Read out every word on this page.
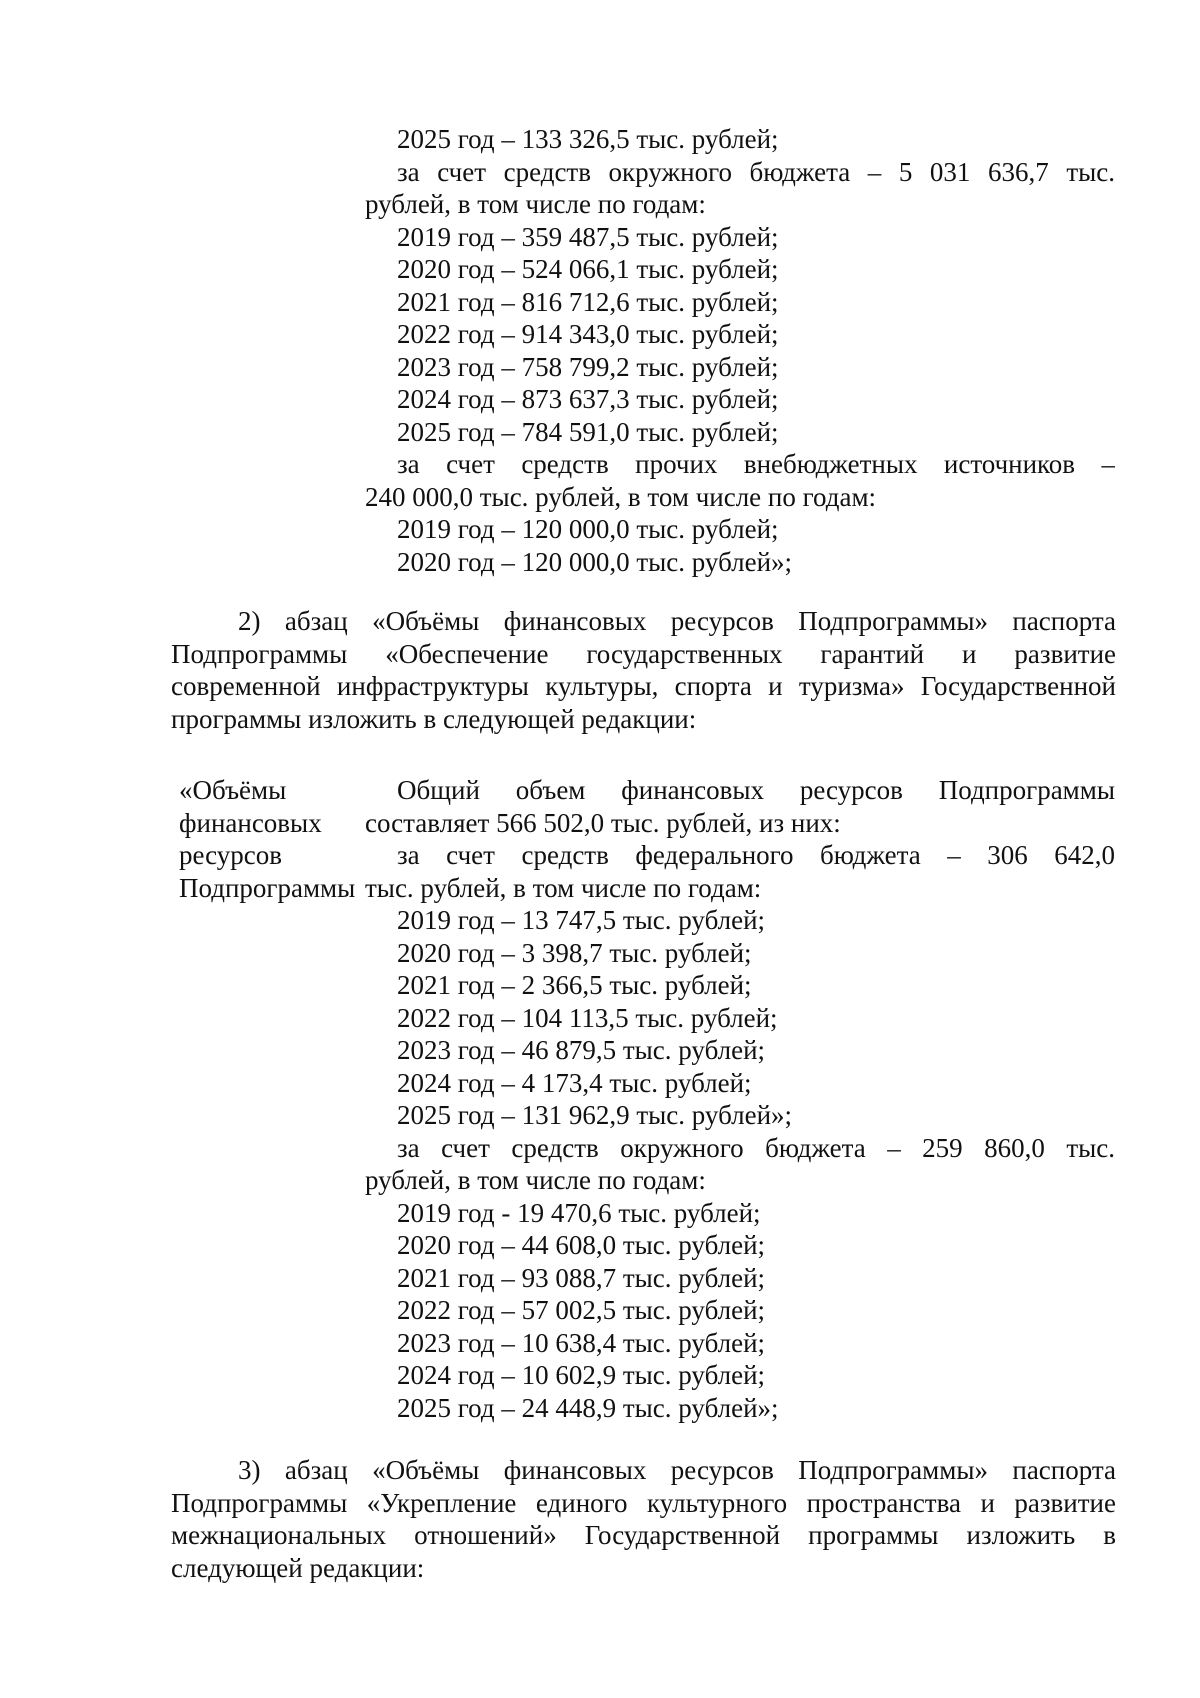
2025 год – 133 326,5 тыс. рублей;
за счет средств окружного бюджета – 5 031 636,7 тыс.
рублей, в том числе по годам:
2019 год – 359 487,5 тыс. рублей;
2020 год – 524 066,1 тыс. рублей;
2021 год – 816 712,6 тыс. рублей;
2022 год – 914 343,0 тыс. рублей;
2023 год – 758 799,2 тыс. рублей;
2024 год – 873 637,3 тыс. рублей;
2025 год – 784 591,0 тыс. рублей;
за счет средств прочих внебюджетных источников –
240 000,0 тыс. рублей, в том числе по годам:
2019 год – 120 000,0 тыс. рублей;
2020 год – 120 000,0 тыс. рублей»;
2) абзац «Объёмы финансовых ресурсов Подпрограммы» паспорта
Подпрограммы «Обеспечение государственных гарантий и развитие
современной инфраструктуры культуры, спорта и туризма» Государственной
программы изложить в следующей редакции:
«Объёмы
финансовых
ресурсов
Подпрограммы
Общий объем финансовых ресурсов Подпрограммы
составляет 566 502,0 тыс. рублей, из них:
за счет средств федерального бюджета – 306 642,0
тыс. рублей, в том числе по годам:
2019 год – 13 747,5 тыс. рублей;
2020 год – 3 398,7 тыс. рублей;
2021 год – 2 366,5 тыс. рублей;
2022 год – 104 113,5 тыс. рублей;
2023 год – 46 879,5 тыс. рублей;
2024 год – 4 173,4 тыс. рублей;
2025 год – 131 962,9 тыс. рублей»;
за счет средств окружного бюджета – 259 860,0 тыс.
рублей, в том числе по годам:
2019 год - 19 470,6 тыс. рублей;
2020 год – 44 608,0 тыс. рублей;
2021 год – 93 088,7 тыс. рублей;
2022 год – 57 002,5 тыс. рублей;
2023 год – 10 638,4 тыс. рублей;
2024 год – 10 602,9 тыс. рублей;
2025 год – 24 448,9 тыс. рублей»;
3) абзац «Объёмы финансовых ресурсов Подпрограммы» паспорта
Подпрограммы «Укрепление единого культурного пространства и развитие
межнациональных отношений» Государственной программы изложить в
следующей редакции:
